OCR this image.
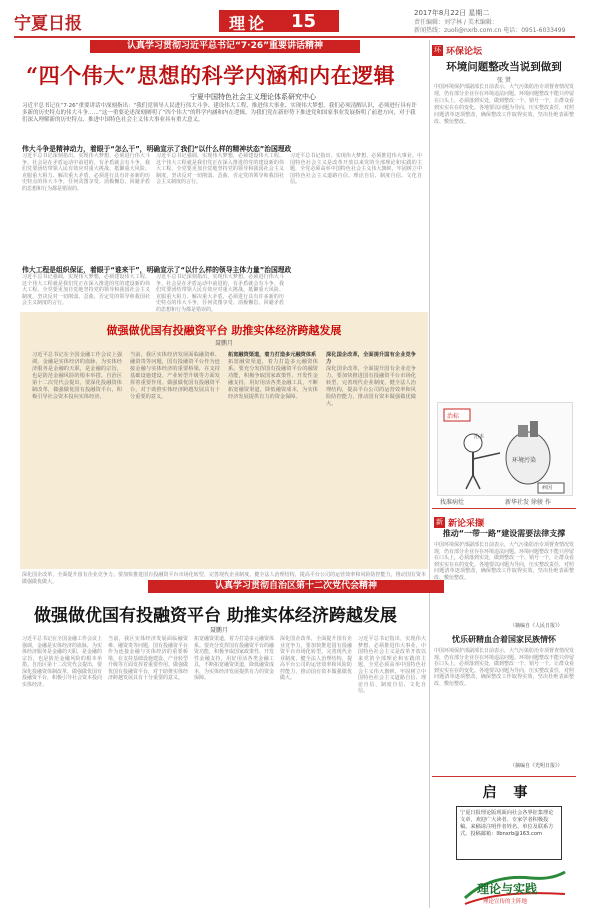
宁夏日报	理论 15	2017年8月22日 星期二
责任编辑：刘学林 / 美术编辑：
新闻热线：zuoli@nxrb.com.cn 电话：0951-6033499
认真学习贯彻习近平总书记“7·26”重要讲话精神	环 环保论坛
“四个伟大”思想的科学内涵和内在逻辑
宁夏中国特色社会主义理论体系研究中心
习近平总书记在“7·26”重要讲话中深刻指出：“我们党领导人民进行伟大斗争、建设伟大工程、推进伟大事业、实现伟大梦想，我们必须清醒认识，必须进行具有许多新的历史特点的伟大斗争……”这一重要论述深刻阐明了“四个伟大”的科学内涵和内在逻辑，为我们党在新形势下推进党和国家事业发展指明了前进方向，对于我们深入理解新的历史特点、推进中国特色社会主义伟大事业具有重大意义。
伟大斗争是精神动力，着眼于“怎么干”，明确宣示了我们“以什么样的精神状态”治国理政
习近平总书记深刻指出，实现伟大梦想，必须进行伟大斗争。社会是在矛盾运动中前进的，有矛盾就会有斗争。我们党要团结带领人民有效应对重大挑战、抵御重大风险、克服重大阻力、解决重大矛盾，必须进行具有许多新的历史特点的伟大斗争，任何贪图享受、消极懈怠、回避矛盾的思想和行为都是错误的。
习近平总书记强调，实现伟大梦想，必须建设伟大工程。这个伟大工程就是我们党正在深入推进的党的建设新的伟大工程。全党要更加自觉地坚持党的领导和我国社会主义制度，坚决反对一切削弱、歪曲、否定党的领导和我国社会主义制度的言行。
习近平总书记指出，实现伟大梦想，必须推进伟大事业。中国特色社会主义是改革开放以来党的全部理论和实践的主题，全党必须高举中国特色社会主义伟大旗帜，牢固树立中国特色社会主义道路自信、理论自信、制度自信、文化自信。
伟大工程是组织保证，着眼于“谁来干”，明确宣示了“以什么样的领导主体力量”治国理政
习近平总书记强调，实现伟大梦想，必须建设伟大工程。这个伟大工程就是我们党正在深入推进的党的建设新的伟大工程。全党要更加自觉地坚持党的领导和我国社会主义制度，坚决反对一切削弱、歪曲、否定党的领导和我国社会主义制度的言行。
习近平总书记深刻指出，实现伟大梦想，必须进行伟大斗争。社会是在矛盾运动中前进的，有矛盾就会有斗争。我们党要团结带领人民有效应对重大挑战、抵御重大风险、克服重大阻力、解决重大矛盾，必须进行具有许多新的历史特点的伟大斗争，任何贪图享受、消极懈怠、回避矛盾的思想和行为都是错误的。
环境问题整改当说到做到
张 贤
中国环境保护部副部长日前表示，大气污染防治专项督查情况发现，仍有部分企业存在环境违法问题。环境问题整改不能只停留在口头上，必须落到实处，做到整改一个、销号一个，让群众看到实实在在的变化。各地要以问题为导向，压实整改责任，对照问题清单逐项整改，确保整改工作取得实效，坚决杜绝表面整改、敷衍整改。
做强做优国有投融资平台 助推实体经济跨越发展
聂鹏月
习近平总书记在全国金融工作会议上强调，金融是实体经济的血脉，为实体经济服务是金融的天职，是金融的宗旨，也是防范金融风险的根本举措。自治区第十二次党代会提出，要深化投融资体制改革，做强做优国有投融资平台，积极引导社会资本投向实体经济。
当前，我区实体经济发展面临融资难、融资贵等问题，国有投融资平台作为连接金融与实体经济的重要桥梁，在支持基础设施建设、产业转型升级等方面发挥着重要作用。做强做优国有投融资平台，对于助推实体经济跨越发展具有十分重要的意义。
拓宽融资渠道，着力打造多元融资体系
拓宽融资渠道，着力打造多元融资体系。要充分发挥国有投融资平台的融资功能，积极争取国家政策性、开发性金融支持，用好用活各类金融工具，不断拓宽融资渠道，降低融资成本，为实体经济发展提供有力的资金保障。
深化国企改革，全面提升国有企业竞争力
深化国企改革，全面提升国有企业竞争力。要加快推进国有投融资平台市场化转型，完善现代企业制度，健全法人治理结构，提高平台公司的运营效率和风险防控能力，推动国有资本做强做优做大。
治标
治本
环境污染
病因
找准病灶	新华社发 徐骏 作
新 新论采撷
推动“一带一路”建设需要法律支撑
中国环境保护部副部长日前表示，大气污染防治专项督查情况发现，仍有部分企业存在环境违法问题。环境问题整改不能只停留在口头上，必须落到实处，做到整改一个、销号一个，让群众看到实实在在的变化。各地要以问题为导向，压实整改责任，对照问题清单逐项整改，确保整改工作取得实效，坚决杜绝表面整改、敷衍整改。
（摘编自《人民日报》）
忧乐研精血合着国家民族情怀
中国环境保护部副部长日前表示，大气污染防治专项督查情况发现，仍有部分企业存在环境违法问题。环境问题整改不能只停留在口头上，必须落到实处，做到整改一个、销号一个，让群众看到实实在在的变化。各地要以问题为导向，压实整改责任，对照问题清单逐项整改，确保整改工作取得实效，坚决杜绝表面整改、敷衍整改。
（摘编自《光明日报》）
深化国企改革，全面提升国有企业竞争力。要加快推进国有投融资平台市场化转型，完善现代企业制度，健全法人治理结构，提高平台公司的运营效率和风险防控能力，推动国有资本做强做优做大。	认真学习贯彻自治区第十二次党代会精神
做强做优国有投融资平台 助推实体经济跨越发展
聂鹏月
习近平总书记在全国金融工作会议上强调，金融是实体经济的血脉，为实体经济服务是金融的天职，是金融的宗旨，也是防范金融风险的根本举措。自治区第十二次党代会提出，要深化投融资体制改革，做强做优国有投融资平台，积极引导社会资本投向实体经济。
当前，我区实体经济发展面临融资难、融资贵等问题，国有投融资平台作为连接金融与实体经济的重要桥梁，在支持基础设施建设、产业转型升级等方面发挥着重要作用。做强做优国有投融资平台，对于助推实体经济跨越发展具有十分重要的意义。
拓宽融资渠道，着力打造多元融资体系。要充分发挥国有投融资平台的融资功能，积极争取国家政策性、开发性金融支持，用好用活各类金融工具，不断拓宽融资渠道，降低融资成本，为实体经济发展提供有力的资金保障。
深化国企改革，全面提升国有企业竞争力。要加快推进国有投融资平台市场化转型，完善现代企业制度，健全法人治理结构，提高平台公司的运营效率和风险防控能力，推动国有资本做强做优做大。
习近平总书记指出，实现伟大梦想，必须推进伟大事业。中国特色社会主义是改革开放以来党的全部理论和实践的主题，全党必须高举中国特色社会主义伟大旗帜，牢固树立中国特色社会主义道路自信、理论自信、制度自信、文化自信。
启 事
宁夏日报理论版现面向社会各界征集理论文章，欢迎广大读者、专家学者积极投稿。来稿请注明作者姓名、单位及联系方式。投稿邮箱：llbnxrb@163.com
理论与实践
理论宣传的主阵地
